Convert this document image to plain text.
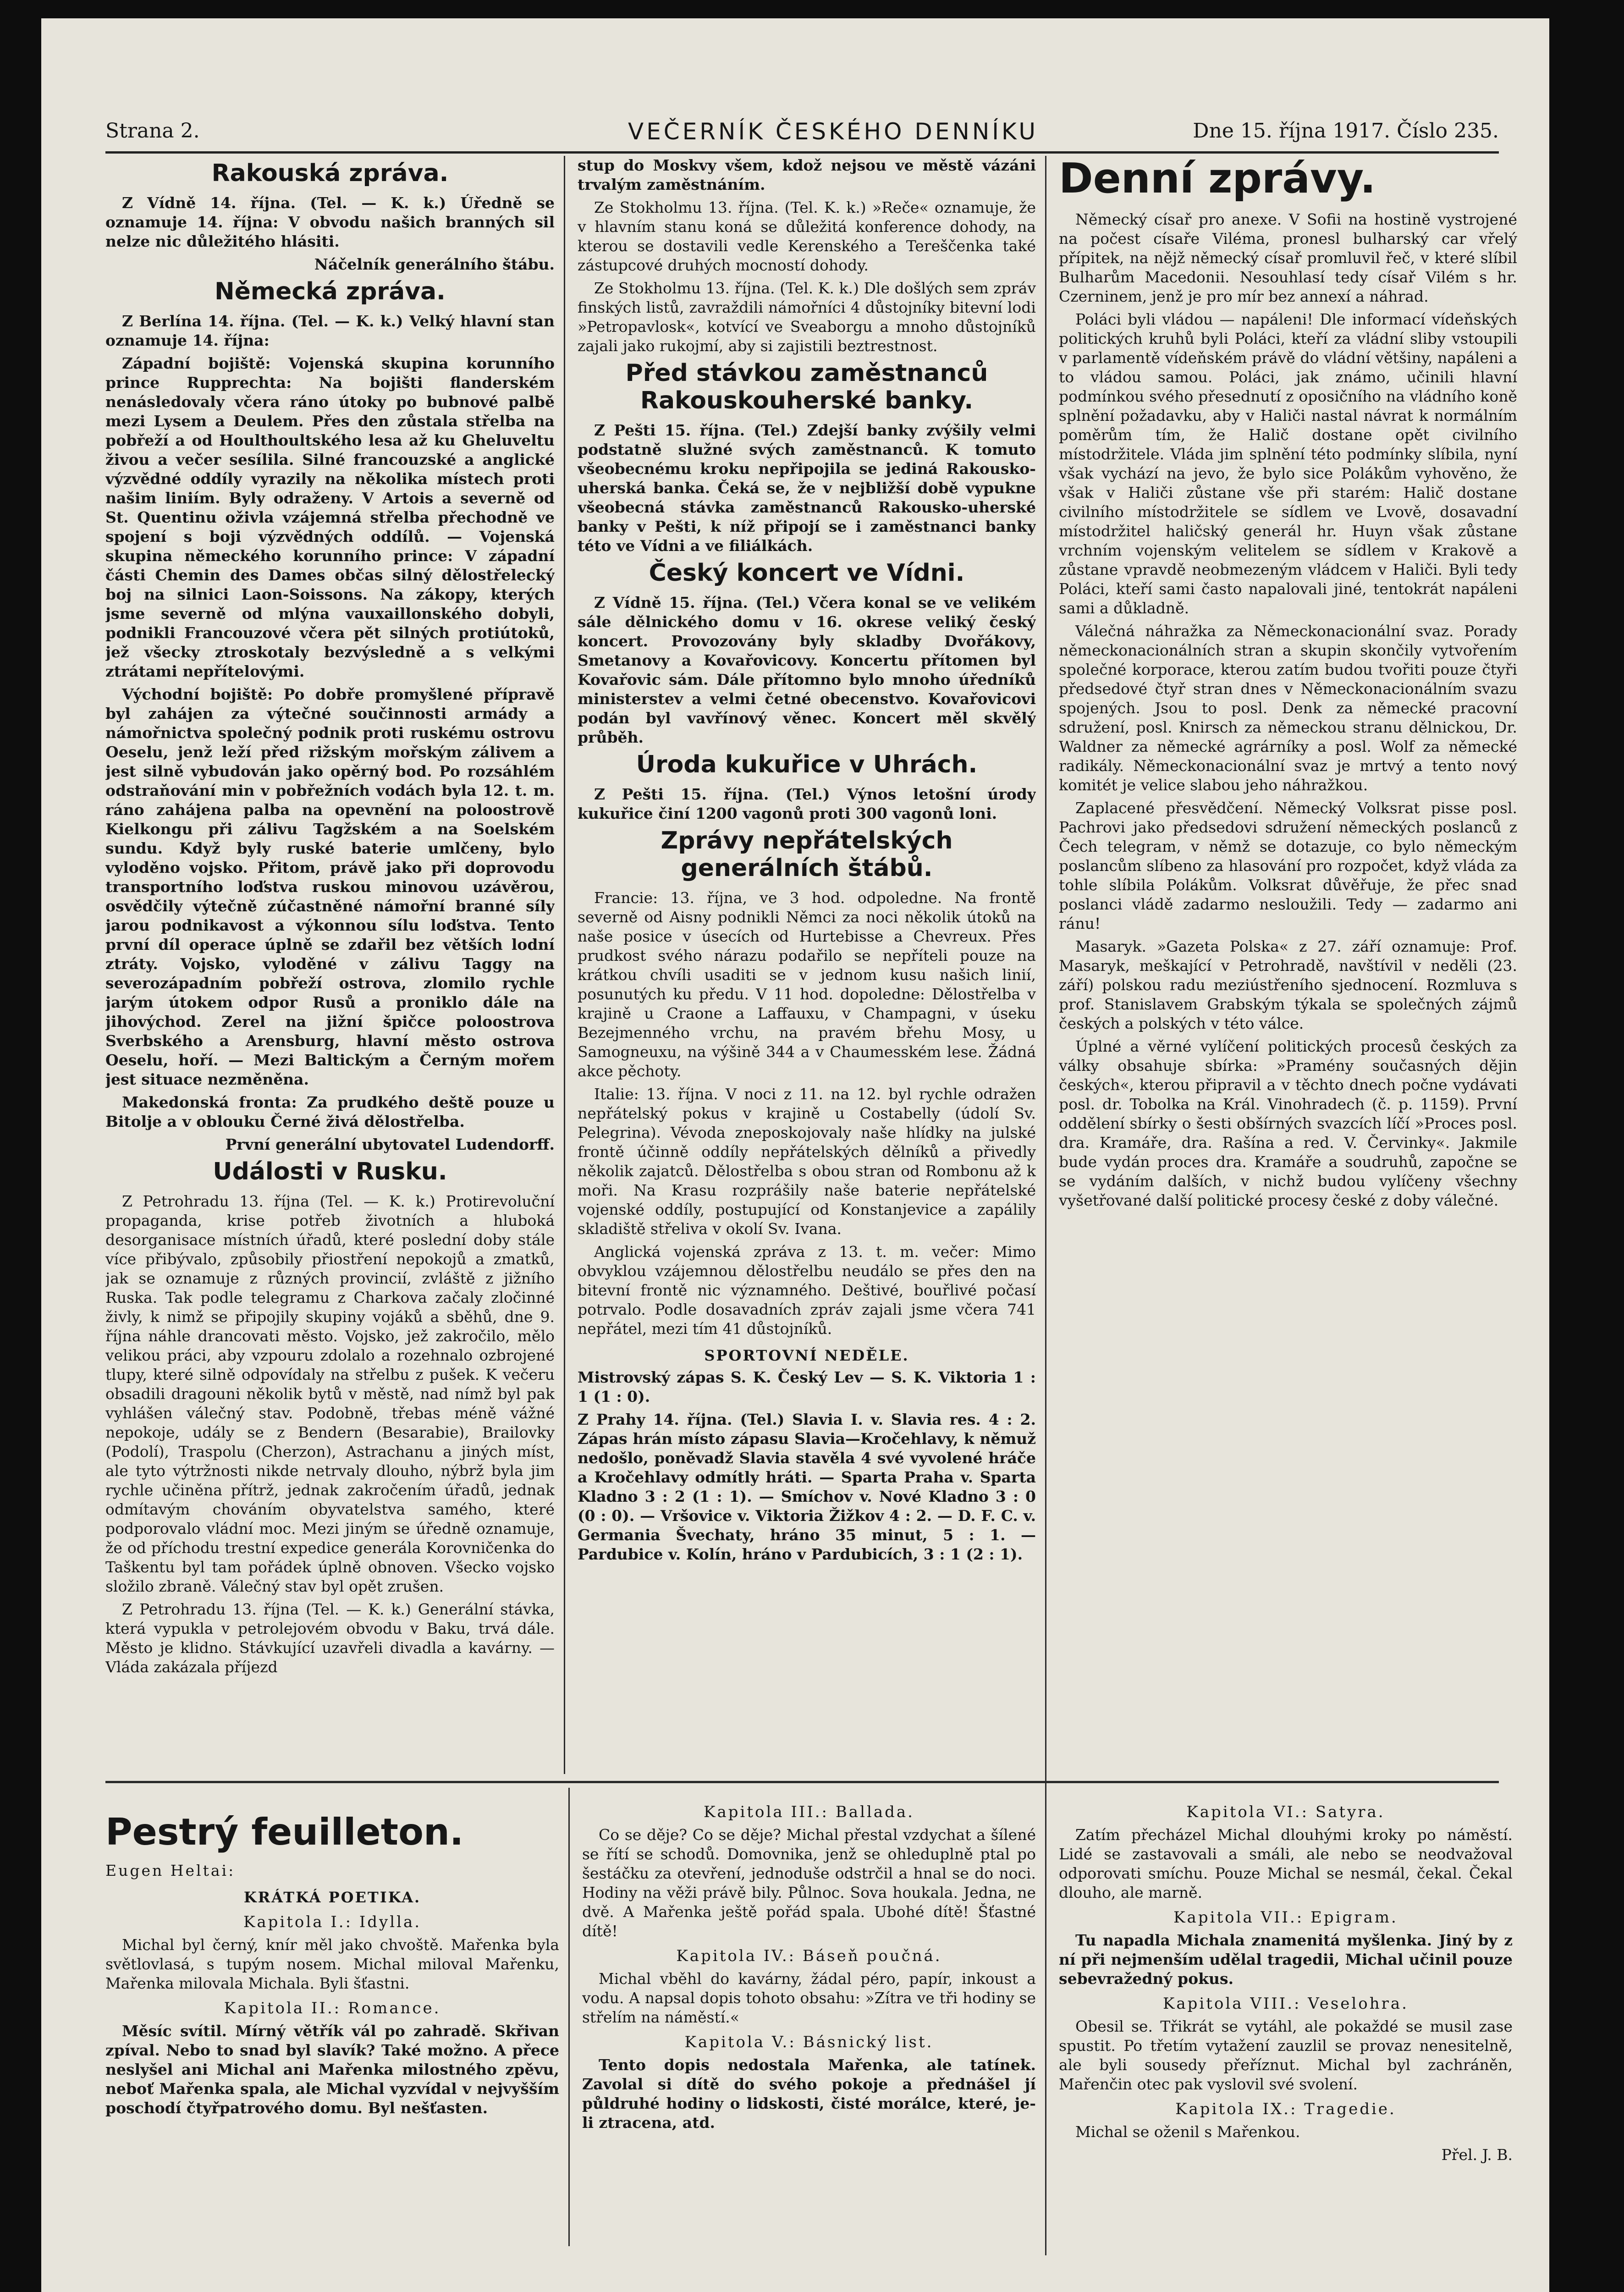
Strana 2.	VEČERNÍK ČESKÉHO DENNÍKU	Dne 15. října 1917. Číslo 235.
Rakouská zpráva.

Z Vídně 14. října. (Tel. — K. k.) Úředně se oznamuje 14. října: V obvodu našich branných sil nelze nic důležitého hlásiti.

Náčelník generálního štábu.

Německá zpráva.

Z Berlína 14. října. (Tel. — K. k.) Velký hlavní stan oznamuje 14. října:

Západní bojiště: Vojenská skupina korunního prince Rupprechta: Na bojišti flanderském nenásledovaly včera ráno útoky po bubnové palbě mezi Lysem a Deulem. Přes den zůstala střelba na pobřeží a od Houlthoultského lesa až ku Gheluveltu živou a večer sesílila. Silné francouzské a anglické výzvědné oddíly vyrazily na několika místech proti našim liniím. Byly odraženy. V Artois a severně od St. Quentinu oživla vzájemná střelba přechodně ve spojení s boji výzvědných oddílů. — Vojenská skupina německého korunního prince: V západní části Chemin des Dames občas silný dělostřelecký boj na silnici Laon-Soissons. Na zákopy, kterých jsme severně od mlýna vauxaillonského dobyli, podnikli Francouzové včera pět silných protiútoků, jež všecky ztroskotaly bezvýsledně a s velkými ztrátami nepřítelovými.

Východní bojiště: Po dobře promyšlené přípravě byl zahájen za výtečné součinnosti armády a námořnictva společný podnik proti ruskému ostrovu Oeselu, jenž leží před rižským mořským zálivem a jest silně vybudován jako opěrný bod. Po rozsáhlém odstraňování min v pobřežních vodách byla 12. t. m. ráno zahájena palba na opevnění na poloostrově Kielkongu při zálivu Tagžském a na Soelském sundu. Když byly ruské baterie umlčeny, bylo vyloděno vojsko. Přitom, právě jako při doprovodu transportního loďstva ruskou minovou uzávěrou, osvědčily výtečně zúčastněné námořní branné síly jarou podnikavost a výkonnou sílu loďstva. Tento první díl operace úplně se zdařil bez větších lodní ztráty. Vojsko, vyloděné v zálivu Taggy na severozápadním pobřeží ostrova, zlomilo rychle jarým útokem odpor Rusů a proniklo dále na jihovýchod. Zerel na jižní špičce poloostrova Sverbského a Arensburg, hlavní město ostrova Oeselu, hoří. — Mezi Baltickým a Černým mořem jest situace nezměněna.

Makedonská fronta: Za prudkého deště pouze u Bitolje a v oblouku Černé živá dělostřelba.

První generální ubytovatel Ludendorff.

Události v Rusku.

Z Petrohradu 13. října (Tel. — K. k.) Protirevoluční propaganda, krise potřeb životních a hluboká desorganisace místních úřadů, které poslední doby stále více přibývalo, způsobily přiostření nepokojů a zmatků, jak se oznamuje z různých provincií, zvláště z jižního Ruska. Tak podle telegramu z Charkova začaly zločinné živly, k nimž se připojily skupiny vojáků a sběhů, dne 9. října náhle drancovati město. Vojsko, jež zakročilo, mělo velikou práci, aby vzpouru zdolalo a rozehnalo ozbrojené tlupy, které silně odpovídaly na střelbu z pušek. K večeru obsadili dragouni několik bytů v městě, nad nímž byl pak vyhlášen válečný stav. Podobně, třebas méně vážné nepokoje, udály se z Bendern (Besarabie), Brailovky (Podolí), Traspolu (Cherzon), Astrachanu a jiných míst, ale tyto výtržnosti nikde netrvaly dlouho, nýbrž byla jim rychle učiněna přítrž, jednak zakročením úřadů, jednak odmítavým chováním obyvatelstva samého, které podporovalo vládní moc. Mezi jiným se úředně oznamuje, že od příchodu trestní expedice generála Korovničenka do Taškentu byl tam pořádek úplně obnoven. Všecko vojsko složilo zbraně. Válečný stav byl opět zrušen.

Z Petrohradu 13. října (Tel. — K. k.) Generální stávka, která vypukla v petrolejovém obvodu v Baku, trvá dále. Město je klidno. Stávkující uzavřeli divadla a kavárny. — Vláda zakázala příjezd

stup do Moskvy všem, kdož nejsou ve městě vázáni trvalým zaměstnáním.

Ze Stokholmu 13. října. (Tel. K. k.) »Reče« oznamuje, že v hlavním stanu koná se důležitá konference dohody, na kterou se dostavili vedle Kerenského a Tereščenka také zástupcové druhých mocností dohody.

Ze Stokholmu 13. října. (Tel. K. k.) Dle došlých sem zpráv finských listů, zavraždili námořníci 4 důstojníky bitevní lodi »Petropavlosk«, kotvící ve Sveaborgu a mnoho důstojníků zajali jako rukojmí, aby si zajistili beztrestnost.

Před stávkou zaměstnanců Rakouskouherské banky.

Z Pešti 15. října. (Tel.) Zdejší banky zvýšily velmi podstatně služné svých zaměstnanců. K tomuto všeobecnému kroku nepřipojila se jediná Rakousko-uherská banka. Čeká se, že v nejbližší době vypukne všeobecná stávka zaměstnanců Rakousko-uherské banky v Pešti, k níž připojí se i zaměstnanci banky této ve Vídni a ve filiálkách.

Český koncert ve Vídni.

Z Vídně 15. října. (Tel.) Včera konal se ve velikém sále dělnického domu v 16. okrese veliký český koncert. Provozovány byly skladby Dvořákovy, Smetanovy a Kovařovicovy. Koncertu přítomen byl Kovařovic sám. Dále přítomno bylo mnoho úředníků ministerstev a velmi četné obecenstvo. Kovařovicovi podán byl vavřínový věnec. Koncert měl skvělý průběh.

Úroda kukuřice v Uhrách.

Z Pešti 15. října. (Tel.) Výnos letošní úrody kukuřice činí 1200 vagonů proti 300 vagonů loni.

Zprávy nepřátelských generálních štábů.

Francie: 13. října, ve 3 hod. odpoledne. Na frontě severně od Aisny podnikli Němci za noci několik útoků na naše posice v úsecích od Hurtebisse a Chevreux. Přes prudkost svého nárazu podařilo se nepříteli pouze na krátkou chvíli usaditi se v jednom kusu našich linií, posunutých ku předu. V 11 hod. dopoledne: Dělostřelba v krajině u Craone a Laffauxu, v Champagni, v úseku Bezejmenného vrchu, na pravém břehu Mosy, u Samogneuxu, na výšině 344 a v Chaumesském lese. Žádná akce pěchoty.

Italie: 13. října. V noci z 11. na 12. byl rychle odražen nepřátelský pokus v krajině u Costabelly (údolí Sv. Pelegrina). Vévoda zneposkojovaly naše hlídky na julské frontě účinně oddíly nepřátelských dělníků a přivedly několik zajatců. Dělostřelba s obou stran od Rombonu až k moři. Na Krasu rozprášily naše baterie nepřátelské vojenské oddíly, postupující od Konstanjevice a zapálily skladiště střeliva v okolí Sv. Ivana.

Anglická vojenská zpráva z 13. t. m. večer: Mimo obvyklou vzájemnou dělostřelbu neudálo se přes den na bitevní frontě nic významného. Deštivé, bouřlivé počasí potrvalo. Podle dosavadních zpráv zajali jsme včera 741 nepřátel, mezi tím 41 důstojníků.

SPORTOVNÍ NEDĚLE.

Mistrovský zápas S. K. Český Lev — S. K. Viktoria 1 : 1 (1 : 0).

Z Prahy 14. října. (Tel.) Slavia I. v. Slavia res. 4 : 2. Zápas hrán místo zápasu Slavia—Kročehlavy, k němuž nedošlo, poněvadž Slavia stavěla 4 své vyvolené hráče a Kročehlavy odmítly hráti. — Sparta Praha v. Sparta Kladno 3 : 2 (1 : 1). — Smíchov v. Nové Kladno 3 : 0 (0 : 0). — Vršovice v. Viktoria Žižkov 4 : 2. — D. F. C. v. Germania Švechaty, hráno 35 minut, 5 : 1. — Pardubice v. Kolín, hráno v Pardubicích, 3 : 1 (2 : 1).

Denní zprávy.

Německý císař pro anexe. V Sofii na hostině vystrojené na počest císaře Viléma, pronesl bulharský car vřelý přípitek, na nějž německý císař promluvil řeč, v které slíbil Bulharům Macedonii. Nesouhlasí tedy císař Vilém s hr. Czerninem, jenž je pro mír bez annexí a náhrad.

Poláci byli vládou — napáleni! Dle informací vídeňských politických kruhů byli Poláci, kteří za vládní sliby vstoupili v parlamentě vídeňském právě do vládní většiny, napáleni a to vládou samou. Poláci, jak známo, učinili hlavní podmínkou svého přesednutí z oposičního na vládního koně splnění požadavku, aby v Haliči nastal návrat k normálním poměrům tím, že Halič dostane opět civilního místodržitele. Vláda jim splnění této podmínky slíbila, nyní však vychází na jevo, že bylo sice Polákům vyhověno, že však v Haliči zůstane vše při starém: Halič dostane civilního místodržitele se sídlem ve Lvově, dosavadní místodržitel haličský generál hr. Huyn však zůstane vrchním vojenským velitelem se sídlem v Krakově a zůstane vpravdě neobmezeným vládcem v Haliči. Byli tedy Poláci, kteří sami často napalovali jiné, tentokrát napáleni sami a důkladně.

Válečná náhražka za Německonacionální svaz. Porady německonacionálních stran a skupin skončily vytvořením společné korporace, kterou zatím budou tvořiti pouze čtyři předsedové čtyř stran dnes v Německonacionálním svazu spojených. Jsou to posl. Denk za německé pracovní sdružení, posl. Knirsch za německou stranu dělnickou, Dr. Waldner za německé agrárníky a posl. Wolf za německé radikály. Německonacionální svaz je mrtvý a tento nový komitét je velice slabou jeho náhražkou.

Zaplacené přesvědčení. Německý Volksrat pisse posl. Pachrovi jako předsedovi sdružení německých poslanců z Čech telegram, v němž se dotazuje, co bylo německým poslancům slíbeno za hlasování pro rozpočet, když vláda za tohle slíbila Polákům. Volksrat důvěřuje, že přec snad poslanci vládě zadarmo nesloužili. Tedy — zadarmo ani ránu!

Masaryk. »Gazeta Polska« z 27. září oznamuje: Prof. Masaryk, meškající v Petrohradě, navštívil v neděli (23. září) polskou radu meziústřeního sjednocení. Rozmluva s prof. Stanislavem Grabským týkala se společných zájmů českých a polských v této válce.

Úplné a věrné vylíčení politických procesů českých za války obsahuje sbírka: »Pramény současných dějin českých«, kterou připravil a v těchto dnech počne vydávati posl. dr. Tobolka na Král. Vinohradech (č. p. 1159). První oddělení sbírky o šesti obšírných svazcích líčí »Proces posl. dra. Kramáře, dra. Rašína a red. V. Červinky«. Jakmile bude vydán proces dra. Kramáře a soudruhů, započne se se vydáním dalších, v nichž budou vylíčeny všechny vyšetřované další politické procesy české z doby válečné.

Pestrý feuilleton.

Eugen Heltai:

KRÁTKÁ POETIKA.
Kapitola I.: Idylla.

Michal byl černý, knír měl jako chvoště. Mařenka byla světlovlasá, s tupým nosem. Michal miloval Mařenku, Mařenka milovala Michala. Byli šťastni.

Kapitola II.: Romance.

Měsíc svítil. Mírný větřík vál po zahradě. Skřivan zpíval. Nebo to snad byl slavík? Také možno. A přece neslyšel ani Michal ani Mařenka milostného zpěvu, neboť Mařenka spala, ale Michal vyzvídal v nejvyšším poschodí čtyřpatrového domu. Byl nešťasten.

Kapitola III.: Ballada.

Co se děje? Co se děje? Michal přestal vzdychat a šílené se řítí se schodů. Domovnika, jenž se ohleduplně ptal po šestáčku za otevření, jednoduše odstrčil a hnal se do noci. Hodiny na věži právě bily. Půlnoc. Sova houkala. Jedna, ne dvě. A Mařenka ještě pořád spala. Ubohé dítě! Šťastné dítě!

Kapitola IV.: Báseň poučná.

Michal vběhl do kavárny, žádal péro, papír, inkoust a vodu. A napsal dopis tohoto obsahu: »Zítra ve tři hodiny se střelím na náměstí.«

Kapitola V.: Básnický list.

Tento dopis nedostala Mařenka, ale tatínek. Zavolal si dítě do svého pokoje a přednášel jí půldruhé hodiny o lidskosti, čisté morálce, které, je-li ztracena, atd.

Kapitola VI.: Satyra.

Zatím přecházel Michal dlouhými kroky po náměstí. Lidé se zastavovali a smáli, ale nebo se neodvažoval odporovati smíchu. Pouze Michal se nesmál, čekal. Čekal dlouho, ale marně.

Kapitola VII.: Epigram.

Tu napadla Michala znamenitá myšlenka. Jiný by z ní při nejmenším udělal tragedii, Michal učinil pouze sebevražedný pokus.

Kapitola VIII.: Veselohra.

Obesil se. Třikrát se vytáhl, ale pokaždé se musil zase spustit. Po třetím vytažení zauzlil se provaz nenesitelně, ale byli sousedy přeříznut. Michal byl zachráněn, Mařenčin otec pak vyslovil své svolení.

Kapitola IX.: Tragedie.

Michal se oženil s Mařenkou.

Přel. J. B.
